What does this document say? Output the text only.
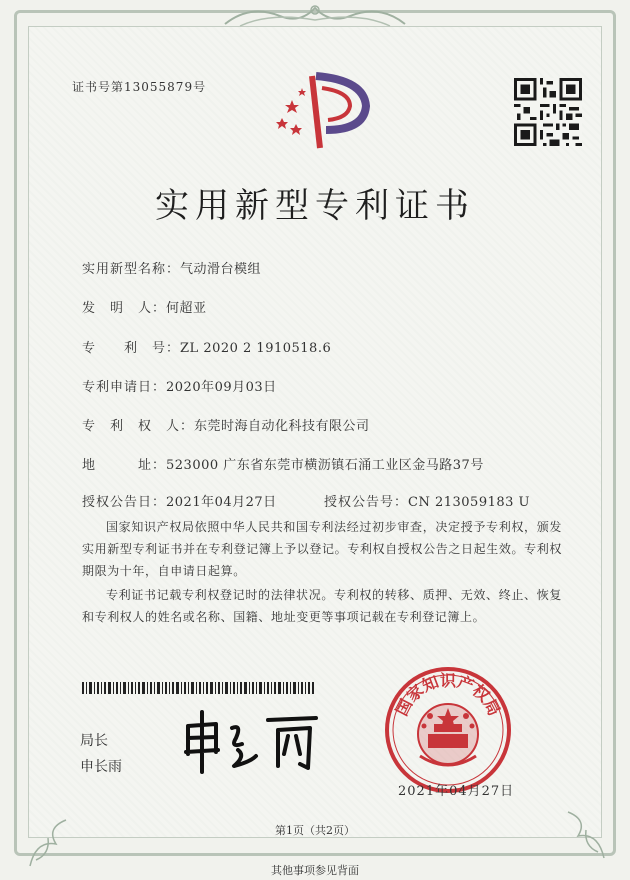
证书号第13055879号
实用新型专利证书
实用新型名称：气动滑台模组
发　明　人：何超亚
专　　利　号：ZL 2020 2 1910518.6
专利申请日：2020年09月03日
专　利　权　人：东莞时海自动化科技有限公司
地　　　址：523000 广东省东莞市横沥镇石涌工业区金马路37号
授权公告日：2021年04月27日	授权公告号：CN 213059183 U
国家知识产权局依照中华人民共和国专利法经过初步审查，决定授予专利权，颁发实用新型专利证书并在专利登记簿上予以登记。专利权自授权公告之日起生效。专利权期限为十年，自申请日起算。
专利证书记载专利权登记时的法律状况。专利权的转移、质押、无效、终止、恢复和专利权人的姓名或名称、国籍、地址变更等事项记载在专利登记簿上。
局长
申长雨
国家知识产权局
2021年04月27日
第1页（共2页）
其他事项参见背面
